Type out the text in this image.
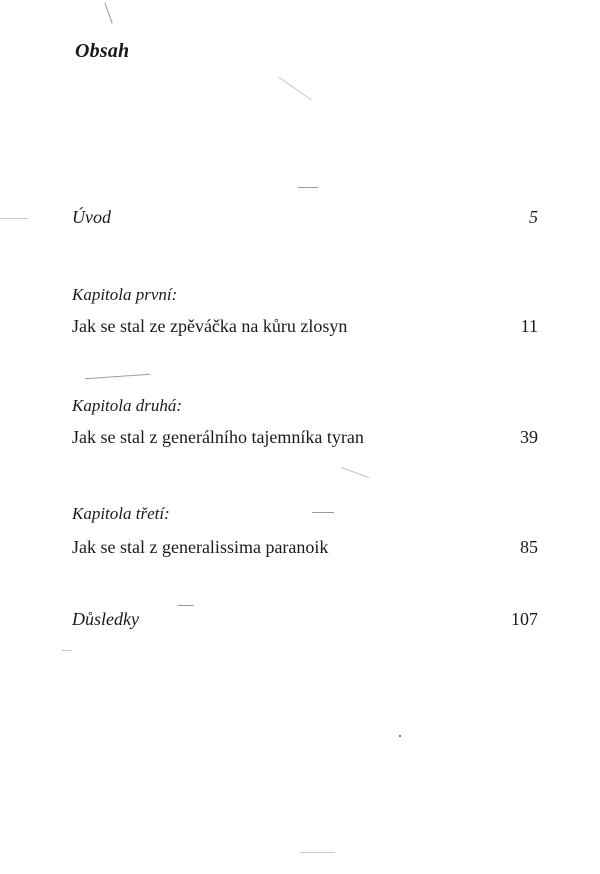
Obsah
Úvod	5
Kapitola první:
Jak se stal ze zpěváčka na kůru zlosyn	11
Kapitola druhá:
Jak se stal z generálního tajemníka tyran	39
Kapitola třetí:
Jak se stal z generalissima paranoik	85
Důsledky	107
